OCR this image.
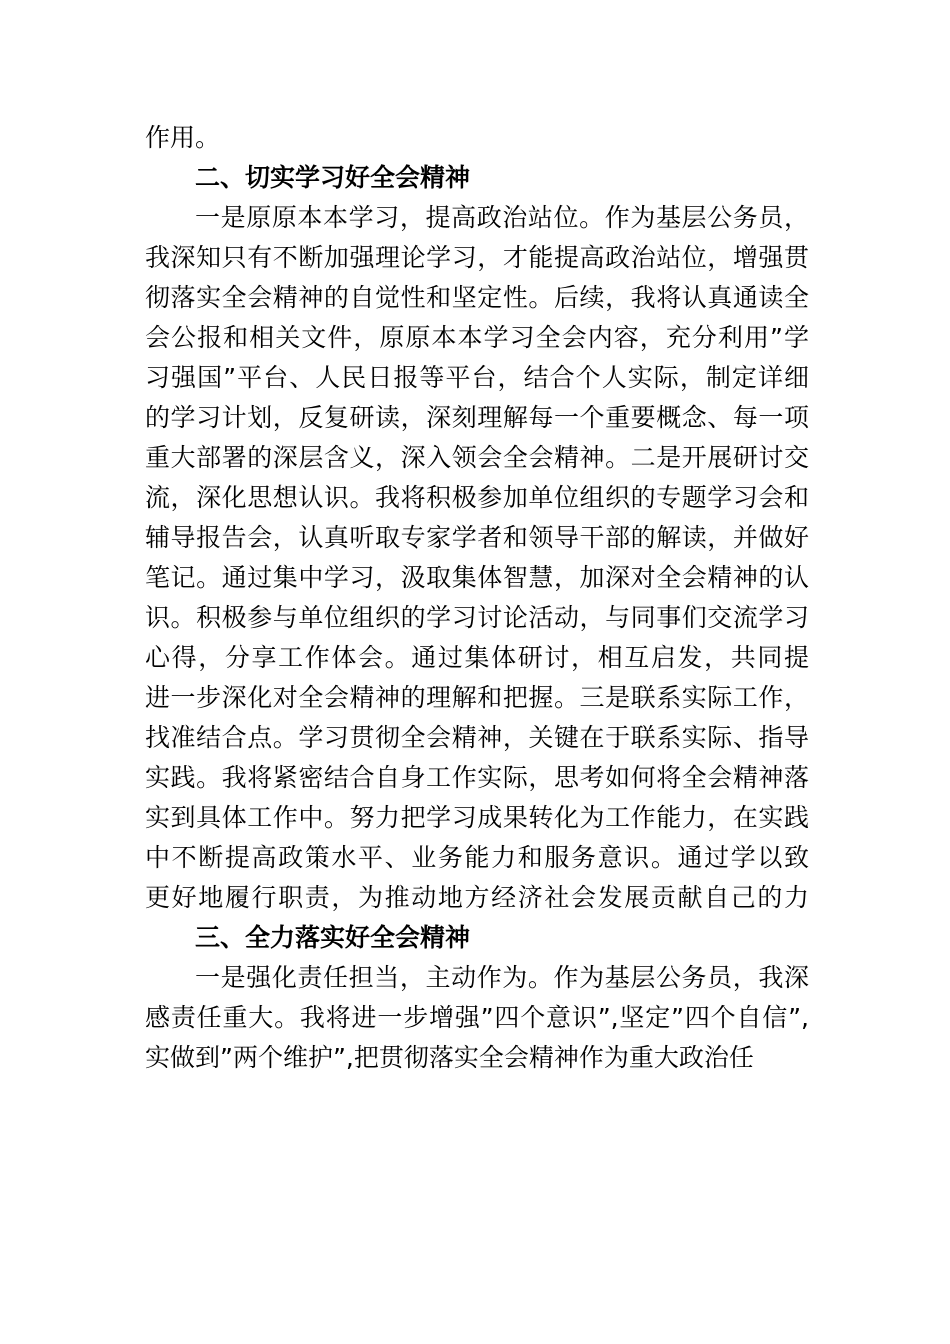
作用。
二、切实学习好全会精神
一是原原本本学习，提高政治站位。作为基层公务员，
我深知只有不断加强理论学习，才能提高政治站位，增强贯
彻落实全会精神的自觉性和坚定性。后续，我将认真通读全
会公报和相关文件，原原本本学习全会内容，充分利用”学
习强国”平台、人民日报等平台，结合个人实际，制定详细
的学习计划，反复研读，深刻理解每一个重要概念、每一项
重大部署的深层含义，深入领会全会精神。二是开展研讨交
流，深化思想认识。我将积极参加单位组织的专题学习会和
辅导报告会，认真听取专家学者和领导干部的解读，并做好
笔记。通过集中学习，汲取集体智慧，加深对全会精神的认
识。积极参与单位组织的学习讨论活动，与同事们交流学习
心得，分享工作体会。通过集体研讨，相互启发，共同提
进一步深化对全会精神的理解和把握。三是联系实际工作，
找准结合点。学习贯彻全会精神，关键在于联系实际、指导
实践。我将紧密结合自身工作实际，思考如何将全会精神落
实到具体工作中。努力把学习成果转化为工作能力，在实践
中不断提高政策水平、业务能力和服务意识。通过学以致
更好地履行职责，为推动地方经济社会发展贡献自己的力
三、全力落实好全会精神
一是强化责任担当，主动作为。作为基层公务员，我深
感责任重大。我将进一步增强”四个意识”,坚定”四个自信”,
实做到”两个维护”,把贯彻落实全会精神作为重大政治任
